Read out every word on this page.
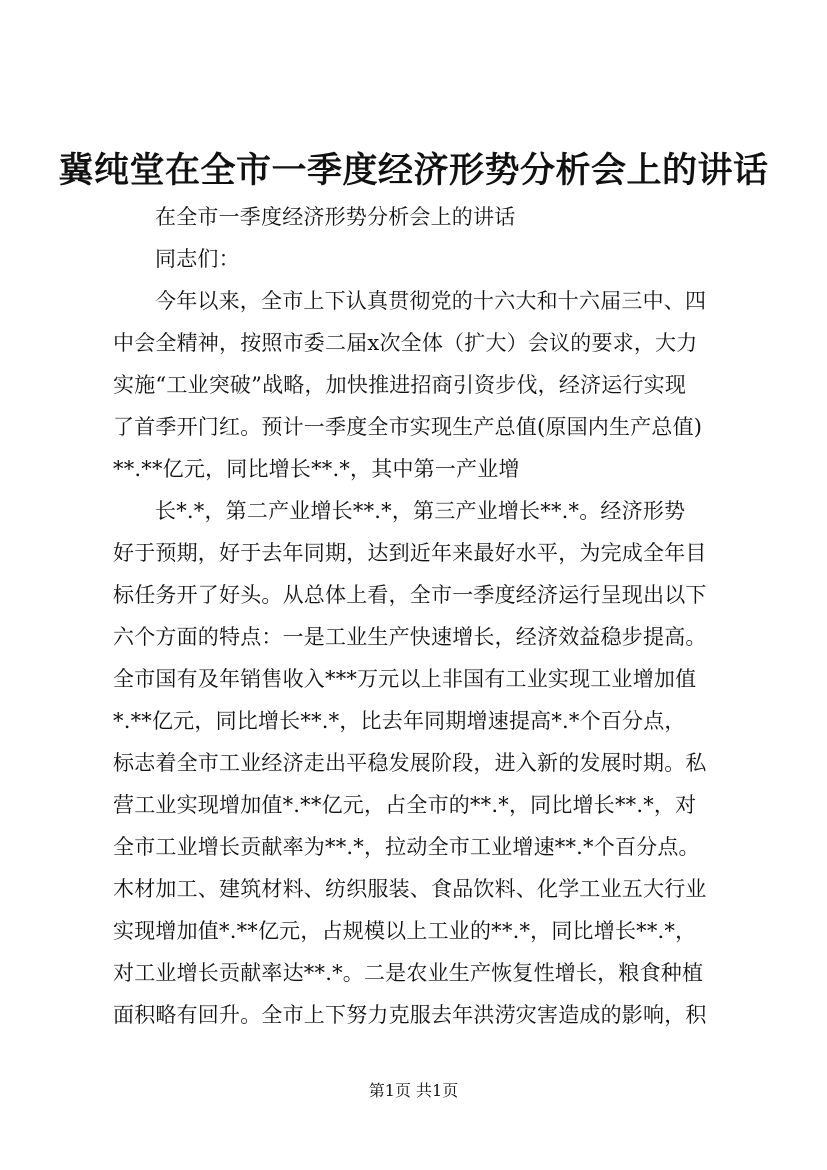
冀纯堂在全市一季度经济形势分析会上的讲话
在全市一季度经济形势分析会上的讲话
同志们：
今年以来，全市上下认真贯彻党的十六大和十六届三中、四
中会全精神，按照市委二届x次全体（扩大）会议的要求，大力
实施“工业突破”战略，加快推进招商引资步伐，经济运行实现
了首季开门红。预计一季度全市实现生产总值(原国内生产总值)
**.**亿元，同比增长**.*，其中第一产业增
长*.*，第二产业增长**.*，第三产业增长**.*。经济形势
好于预期，好于去年同期，达到近年来最好水平，为完成全年目
标任务开了好头。从总体上看，全市一季度经济运行呈现出以下
六个方面的特点：一是工业生产快速增长，经济效益稳步提高。
全市国有及年销售收入***万元以上非国有工业实现工业增加值
*.**亿元，同比增长**.*，比去年同期增速提高*.*个百分点，
标志着全市工业经济走出平稳发展阶段，进入新的发展时期。私
营工业实现增加值*.**亿元，占全市的**.*，同比增长**.*，对
全市工业增长贡献率为**.*，拉动全市工业增速**.*个百分点。
木材加工、建筑材料、纺织服装、食品饮料、化学工业五大行业
实现增加值*.**亿元，占规模以上工业的**.*，同比增长**.*，
对工业增长贡献率达**.*。二是农业生产恢复性增长，粮食种植
面积略有回升。全市上下努力克服去年洪涝灾害造成的影响，积
第1页 共1页
